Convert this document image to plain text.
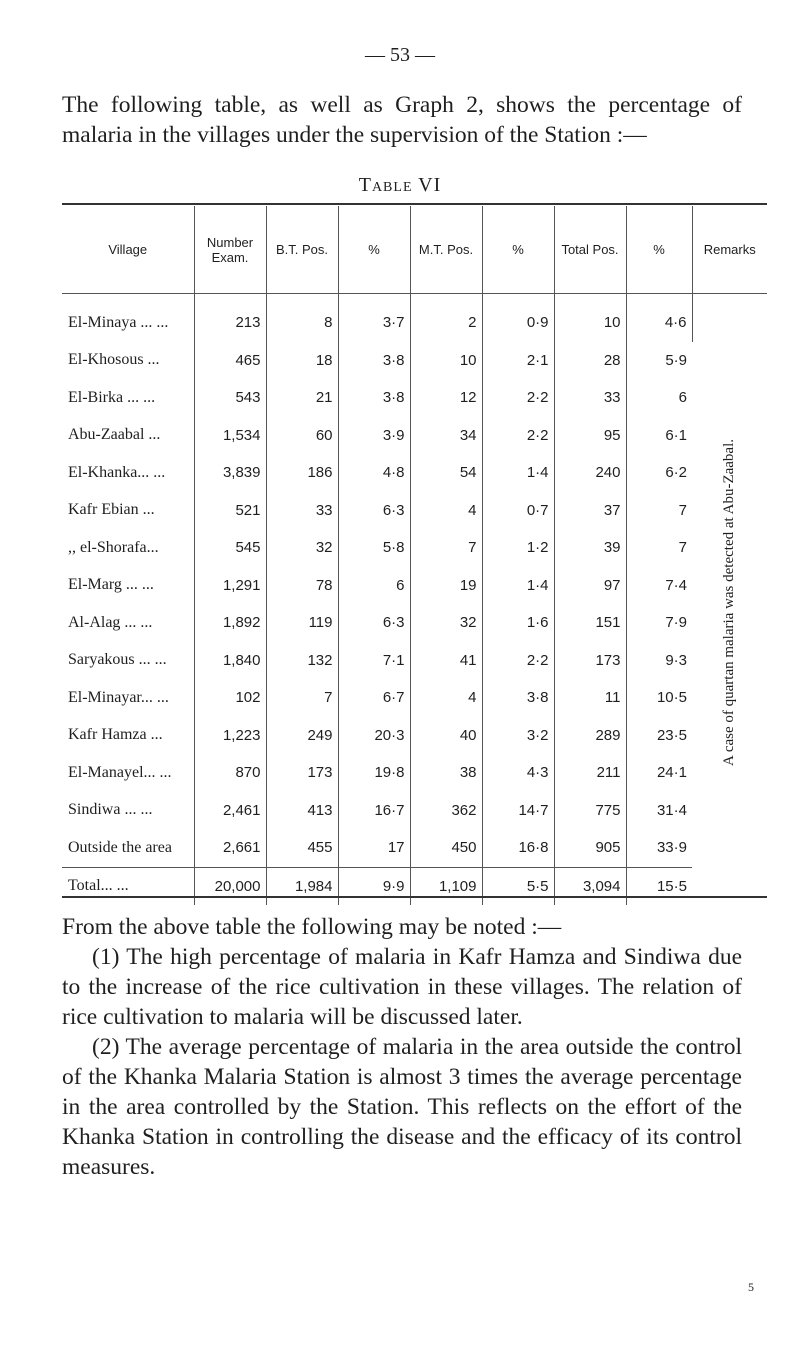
— 53 —
The following table, as well as Graph 2, shows the percentage of malaria in the villages under the supervision of the Station :—
Table VI
Village	Number Exam.	B.T. Pos.	%	M.T. Pos.	%	Total Pos.	%	Remarks
El-Minaya ... ...	213	8	3·7	2	0·9	10	4·6	A case of quartan malaria was detected at Abu-Zaabal.
El-Khosous ...	465	18	3·8	10	2·1	28	5·9	
El-Birka ... ...	543	21	3·8	12	2·2	33	6	
Abu-Zaabal ...	1,534	60	3·9	34	2·2	95	6·1	
El-Khanka... ...	3,839	186	4·8	54	1·4	240	6·2	
Kafr Ebian ...	521	33	6·3	4	0·7	37	7	
,, el-Shorafa...	545	32	5·8	7	1·2	39	7	
El-Marg ... ...	1,291	78	6	19	1·4	97	7·4	
Al-Alag ... ...	1,892	119	6·3	32	1·6	151	7·9	
Saryakous ... ...	1,840	132	7·1	41	2·2	173	9·3	
El-Minayar... ...	102	7	6·7	4	3·8	11	10·5	
Kafr Hamza ...	1,223	249	20·3	40	3·2	289	23·5	
El-Manayel... ...	870	173	19·8	38	4·3	211	24·1	
Sindiwa ... ...	2,461	413	16·7	362	14·7	775	31·4	
Outside the area	2,661	455	17	450	16·8	905	33·9	
Total... ...	20,000	1,984	9·9	1,109	5·5	3,094	15·5	
From the above table the following may be noted :—
(1) The high percentage of malaria in Kafr Hamza and Sindiwa due to the increase of the rice cultivation in these villages. The relation of rice cultivation to malaria will be discussed later.
(2) The average percentage of malaria in the area outside the control of the Khanka Malaria Station is almost 3 times the average percentage in the area controlled by the Station. This reflects on the effort of the Khanka Station in controlling the disease and the efficacy of its control measures.
5
